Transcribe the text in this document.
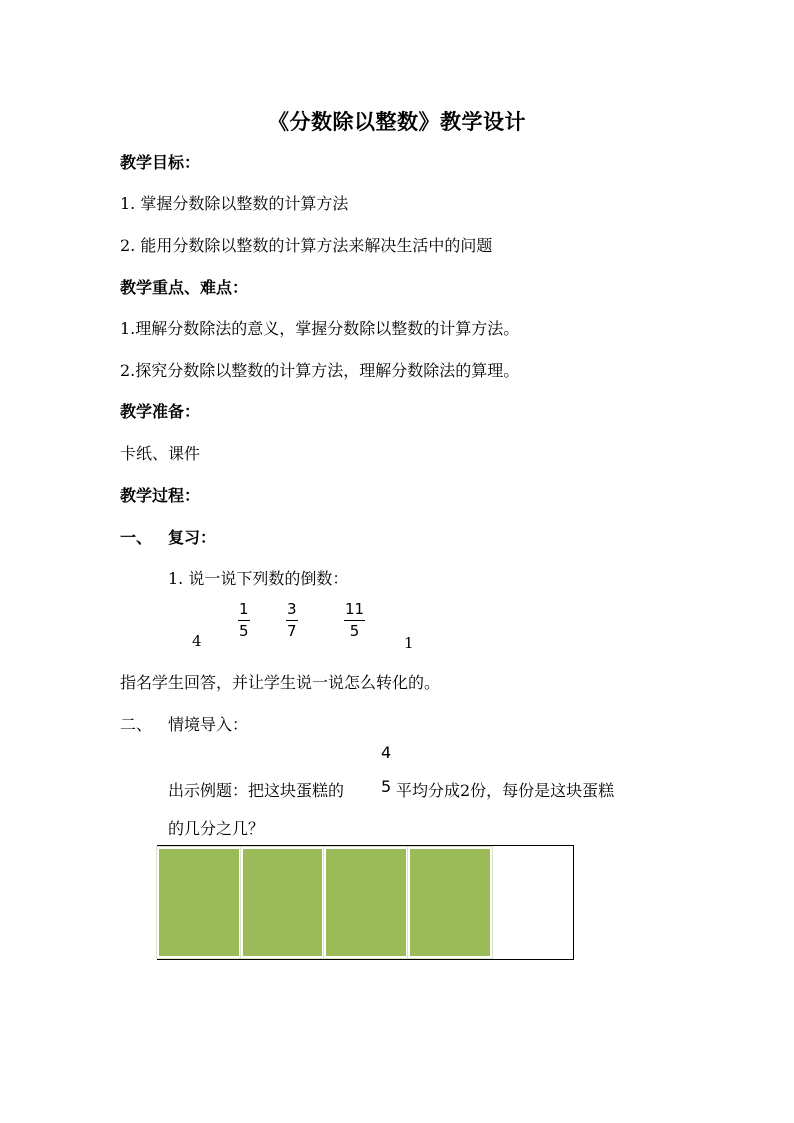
《分数除以整数》教学设计
教学目标：
1. 掌握分数除以整数的计算方法
2. 能用分数除以整数的计算方法来解决生活中的问题
教学重点、难点：
1.理解分数除法的意义，掌握分数除以整数的计算方法。
2.探究分数除以整数的计算方法，理解分数除法的算理。
教学准备：
卡纸、课件
教学过程：
一、 复习：
1. 说一说下列数的倒数：
4
1
5
3
7
11
5
1
指名学生回答，并让学生说一说怎么转化的。
二、 情境导入：
出示例题：把这块蛋糕的
4
5 平均分成2份，每份是这块蛋糕
的几分之几？
